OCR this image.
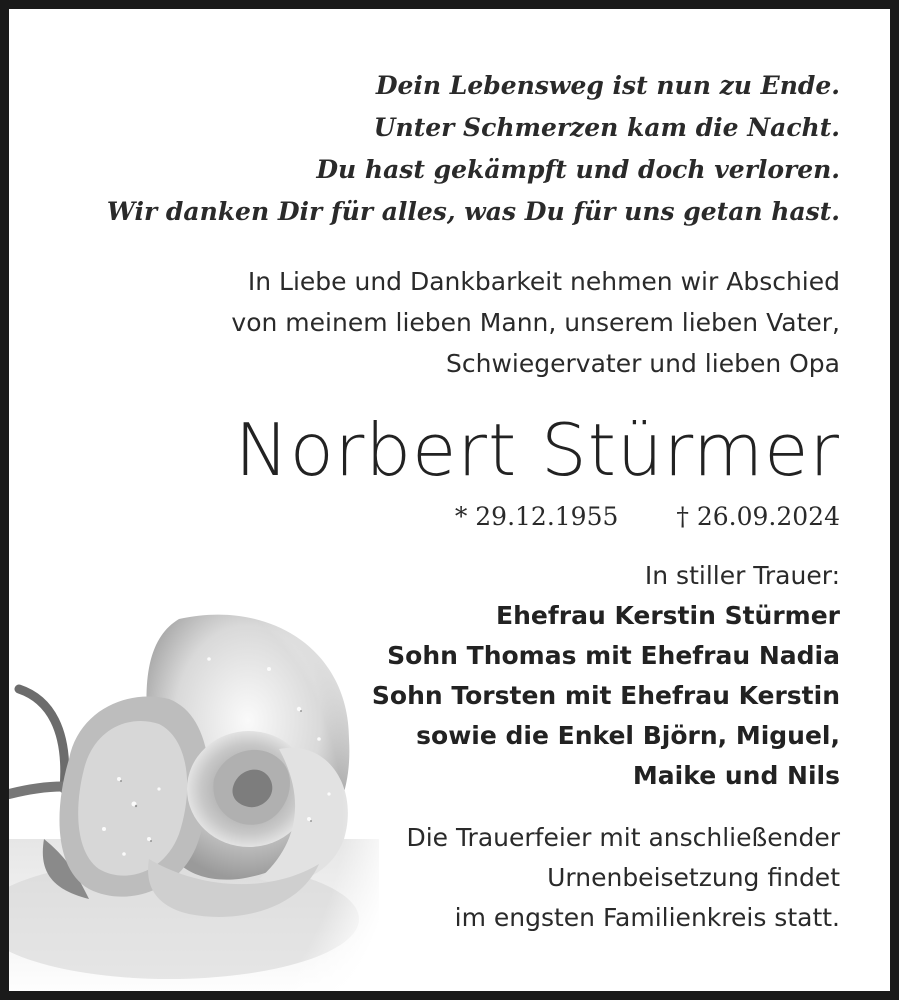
Dein Lebensweg ist nun zu Ende.
Unter Schmerzen kam die Nacht.
Du hast gekämpft und doch verloren.
Wir danken Dir für alles, was Du für uns getan hast.
In Liebe und Dankbarkeit nehmen wir Abschied
von meinem lieben Mann, unserem lieben Vater,
Schwiegervater und lieben Opa
Norbert Stürmer
* 29.12.1955 † 26.09.2024
In stiller Trauer:
Ehefrau Kerstin Stürmer
Sohn Thomas mit Ehefrau Nadia
Sohn Torsten mit Ehefrau Kerstin
sowie die Enkel Björn, Miguel,
Maike und Nils
Die Trauerfeier mit anschließender
Urnenbeisetzung findet
im engsten Familienkreis statt.
